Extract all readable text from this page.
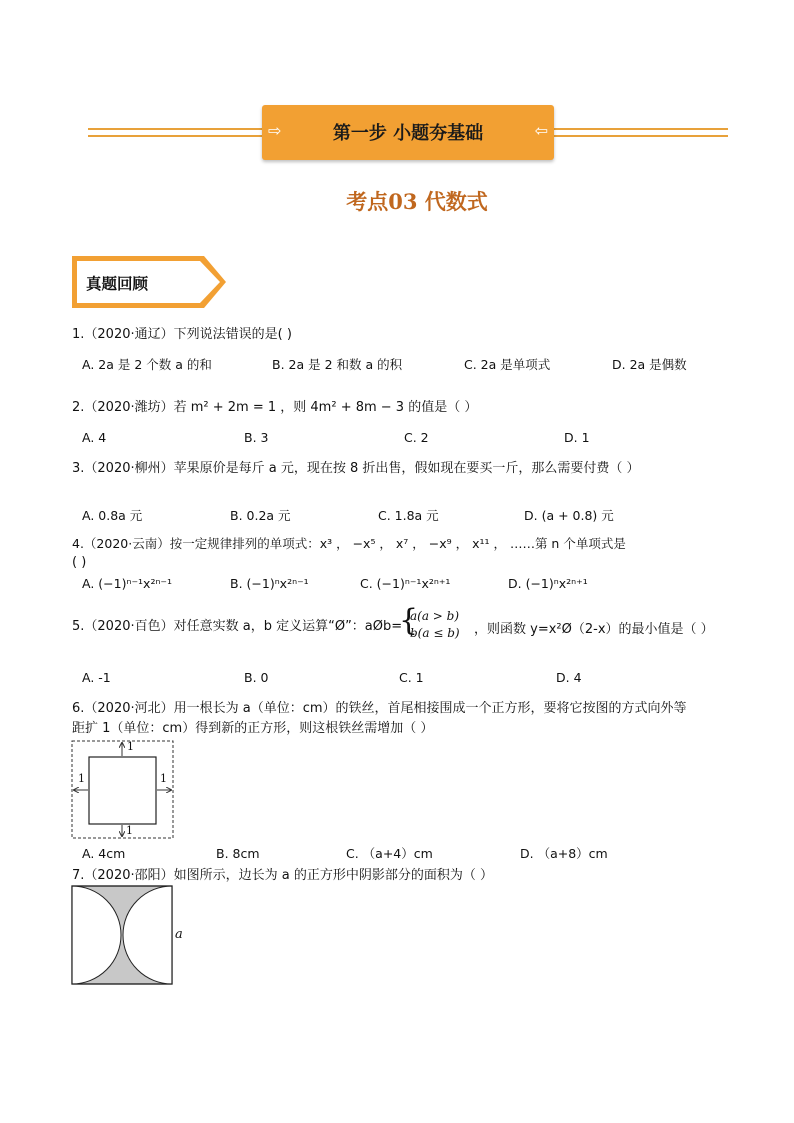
⇨	⇦
第一步 小题夯基础
考点03 代数式
真题回顾
1.（2020·通辽）下列说法错误的是( )
A. 2a 是 2 个数 a 的和	B. 2a 是 2 和数 a 的积	C. 2a 是单项式	D. 2a 是偶数
2.（2020·潍坊）若 m² + 2m = 1 ，则 4m² + 8m − 3 的值是（ ）
A. 4	B. 3	C. 2	D. 1
3.（2020·柳州）苹果原价是每斤 a 元，现在按 8 折出售，假如现在要买一斤，那么需要付费（ ）
A. 0.8a 元	B. 0.2a 元	C. 1.8a 元	D. (a + 0.8) 元
4.（2020·云南）按一定规律排列的单项式：x³ ， −x⁵ ， x⁷ ， −x⁹ ， x¹¹ ， ……第 n 个单项式是
( )
A. (−1)ⁿ⁻¹x²ⁿ⁻¹	B. (−1)ⁿx²ⁿ⁻¹	C. (−1)ⁿ⁻¹x²ⁿ⁺¹	D. (−1)ⁿx²ⁿ⁺¹
5.（2020·百色）对任意实数 a，b 定义运算“Ø”：aØb=
{
a(a > b)
b(a ≤ b) ，则函数 y=x²Ø（2-x）的最小值是（ ）
A. -1	B. 0	C. 1	D. 4
6.（2020·河北）用一根长为 a（单位：cm）的铁丝，首尾相接围成一个正方形，要将它按图的方式向外等
距扩 1（单位：cm）得到新的正方形，则这根铁丝需增加（ ）
1
1	1
1
A. 4cm	B. 8cm	C. （a+4）cm	D. （a+8）cm
7.（2020·邵阳）如图所示，边长为 a 的正方形中阴影部分的面积为（ ）
a
